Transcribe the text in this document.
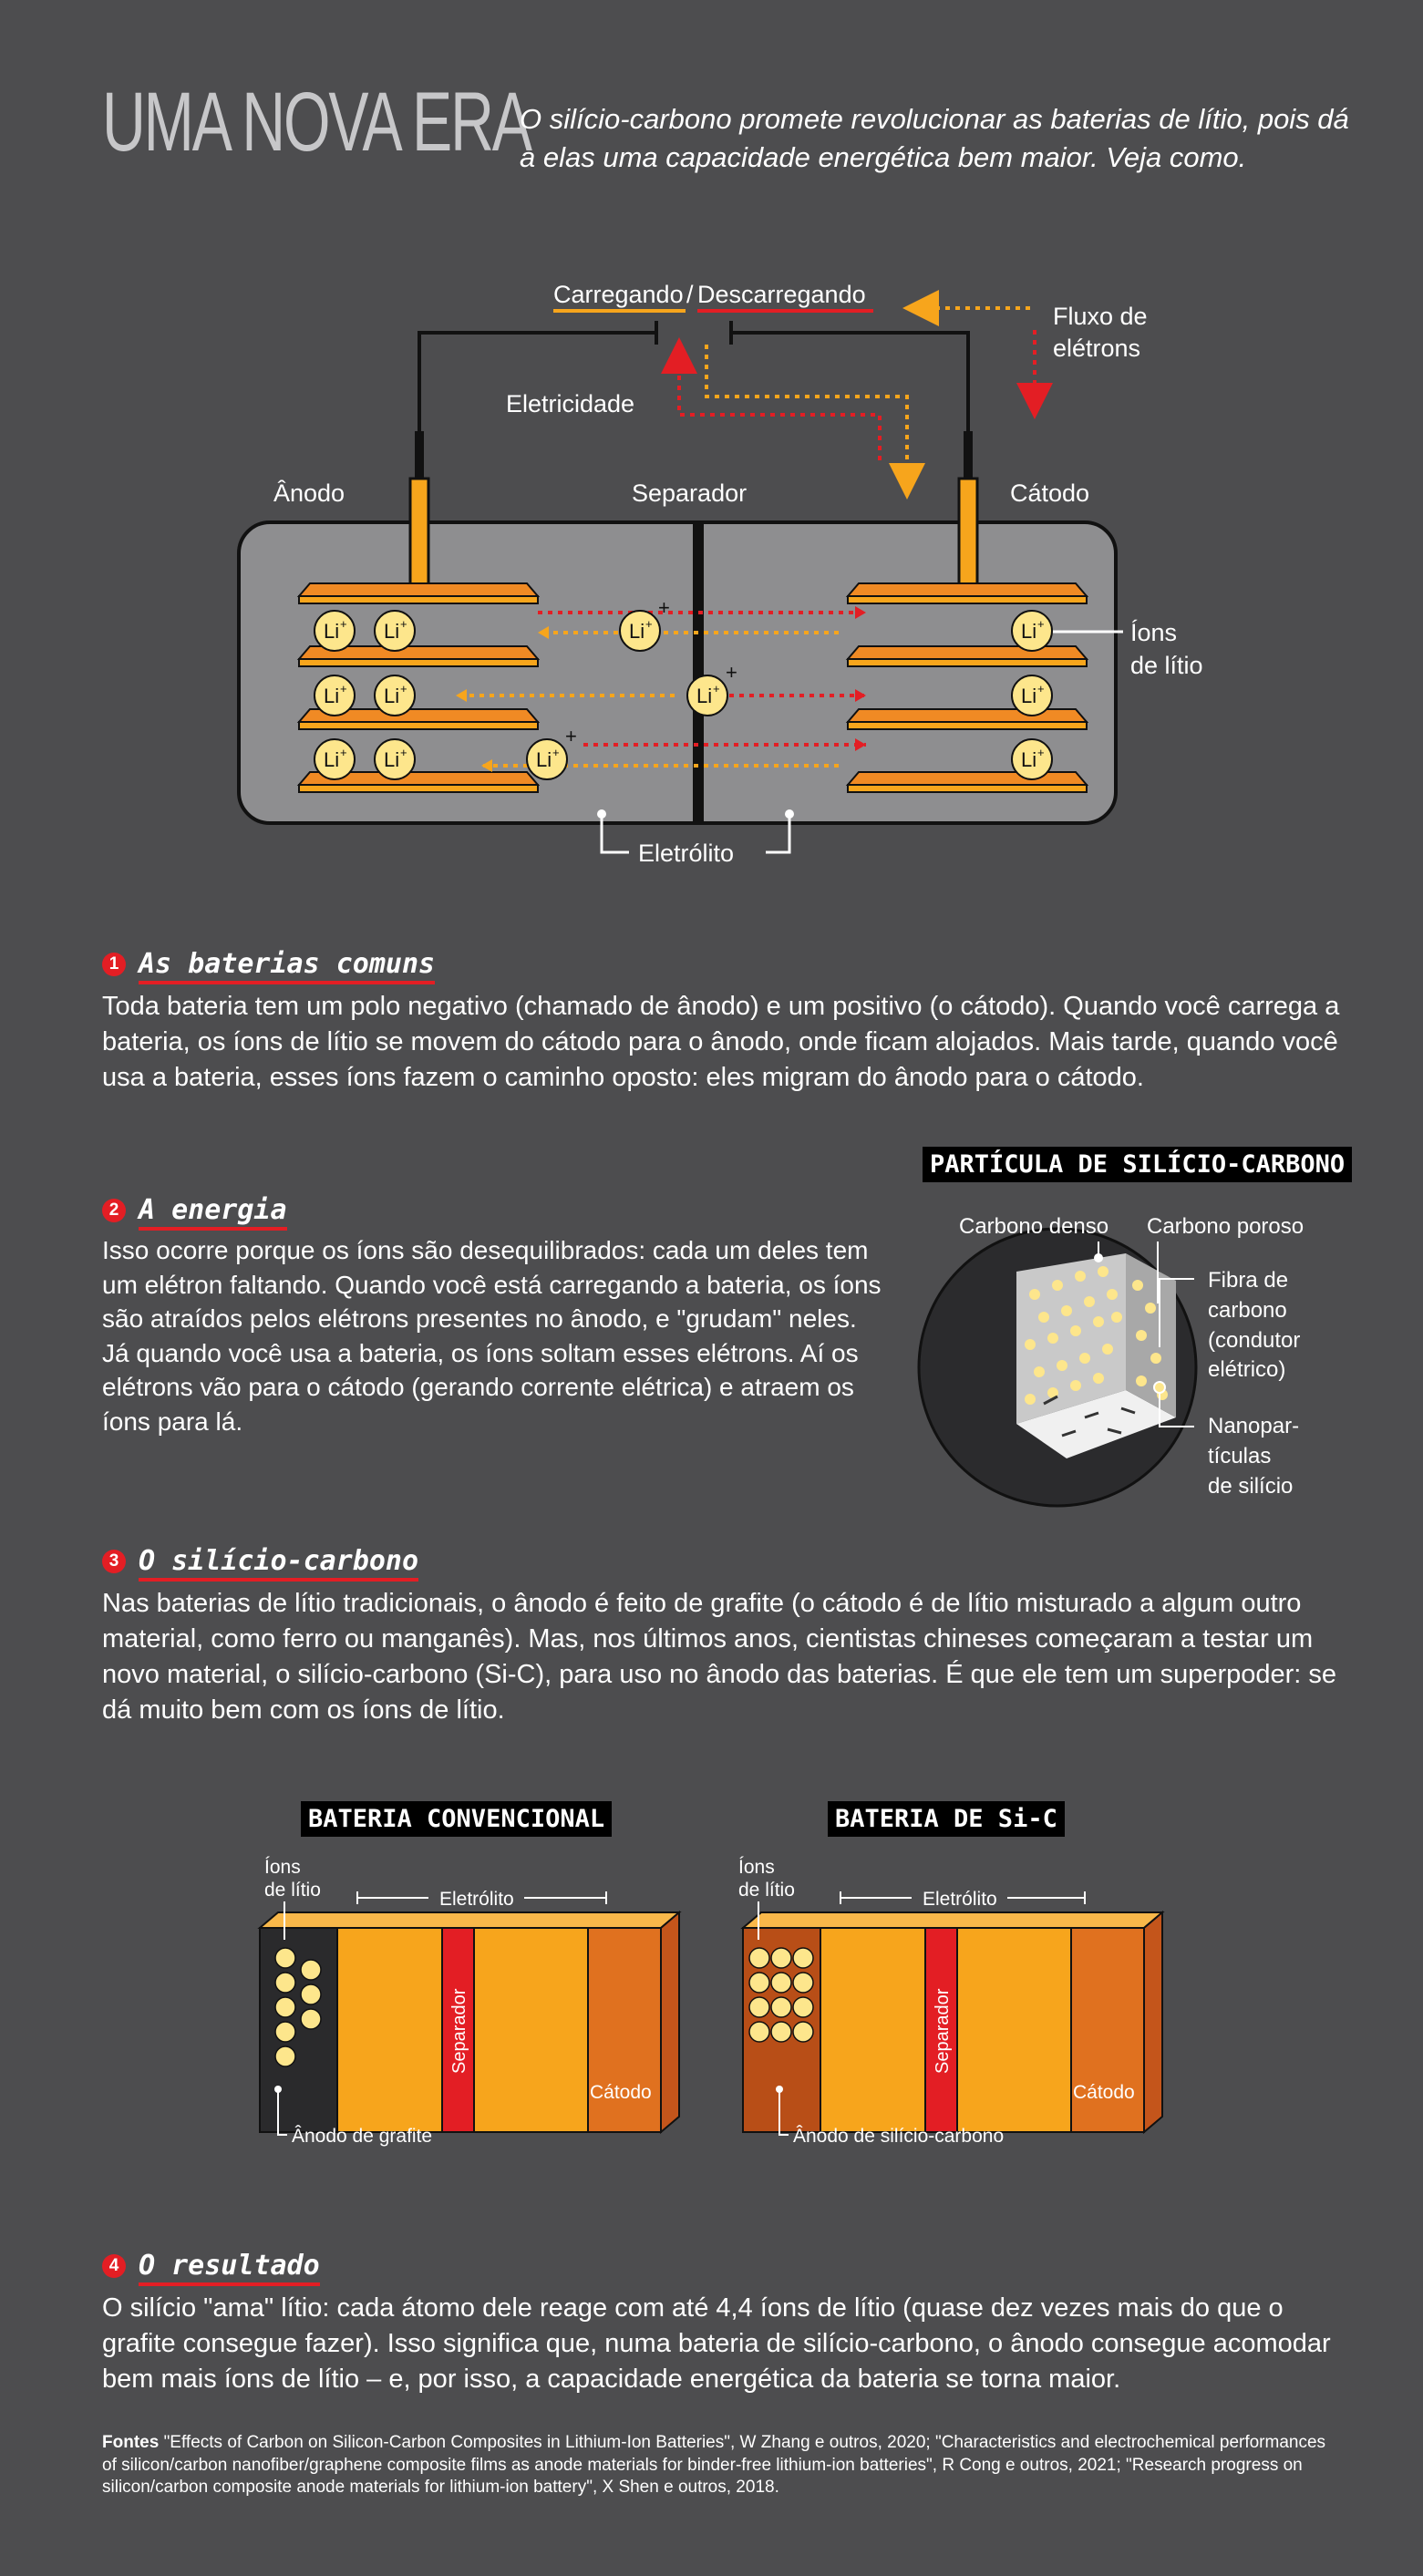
UMA NOVA ERA
O silício-carbono promete revolucionar as baterias de lítio, pois dá a elas uma capacidade energética bem maior. Veja como.
Carregando / Descarregando
Fluxo de
elétrons
Eletricidade
Ânodo	Separador	Cátodo
Eletrólito
Íons
de lítio
Li + Li +
Li + Li +
Li + Li +
Li +
Li +
Li +
Li +
+
Li +
+
Li +
+
1 As baterias comuns
Toda bateria tem um polo negativo (chamado de ânodo) e um positivo (o cátodo). Quando você carrega a bateria, os íons de lítio se movem do cátodo para o ânodo, onde ficam alojados. Mais tarde, quando você usa a bateria, esses íons fazem o caminho oposto: eles migram do ânodo para o cátodo.
2 A energia
Isso ocorre porque os íons são desequilibrados: cada um deles tem um elétron faltando. Quando você está carregando a bateria, os íons são atraídos pelos elétrons presentes no ânodo, e "grudam" neles. Já quando você usa a bateria, os íons soltam esses elétrons. Aí os elétrons vão para o cátodo (gerando corrente elétrica) e atraem os íons para lá.
PARTÍCULA DE SILÍCIO-CARBONO
Carbono denso Carbono poroso
Fibra de
carbono
(condutor
elétrico)
Nanopar-
tículas
de silício
3 O silício-carbono
Nas baterias de lítio tradicionais, o ânodo é feito de grafite (o cátodo é de lítio misturado a algum outro material, como ferro ou manganês). Mas, nos últimos anos, cientistas chineses começaram a testar um novo material, o silício-carbono (Si-C), para uso no ânodo das baterias. É que ele tem um superpoder: se dá muito bem com os íons de lítio.
BATERIA CONVENCIONAL	BATERIA DE Si-C
Separador
Cátodo
Íons
de lítio	Eletrólito
Ânodo de grafite
Separador
Cátodo
Íons
de lítio	Eletrólito
Ânodo de silício-carbono
4 O resultado
O silício "ama" lítio: cada átomo dele reage com até 4,4 íons de lítio (quase dez vezes mais do que o grafite consegue fazer). Isso significa que, numa bateria de silício-carbono, o ânodo consegue acomodar bem mais íons de lítio – e, por isso, a capacidade energética da bateria se torna maior.
Fontes "Effects of Carbon on Silicon-Carbon Composites in Lithium-Ion Batteries", W Zhang e outros, 2020; "Characteristics and electrochemical performances of silicon/carbon nanofiber/graphene composite films as anode materials for binder-free lithium-ion batteries", R Cong e outros, 2021; "Research progress on silicon/carbon composite anode materials for lithium-ion battery", X Shen e outros, 2018.
